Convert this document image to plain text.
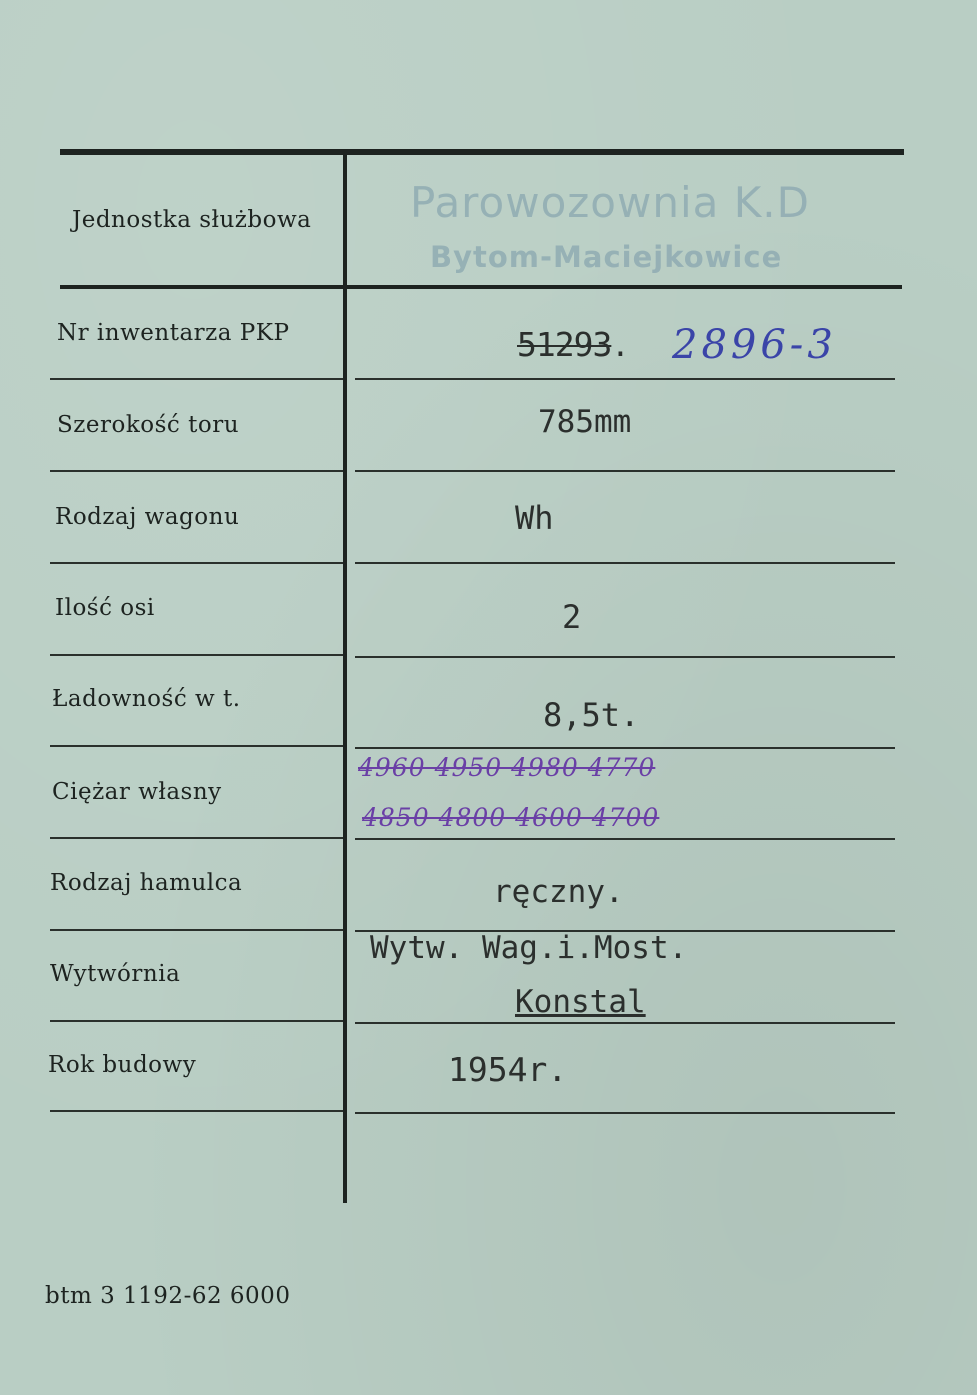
Jednostka służbowa
Nr inwentarza PKP
Szerokość toru
Rodzaj wagonu
Ilość osi
Ładowność w t.
Ciężar własny
Rodzaj hamulca
Wytwórnia
Rok budowy
Parowozownia K.D
Bytom-Maciejkowice
51293. 2896-3
785mm
Wh
2
8,5t.
4960 4950 4980 4770
4850 4800 4600 4700
ręczny.
Wytw. Wag.i.Most.
Konstal
1954r.
btm 3 1192-62 6000
